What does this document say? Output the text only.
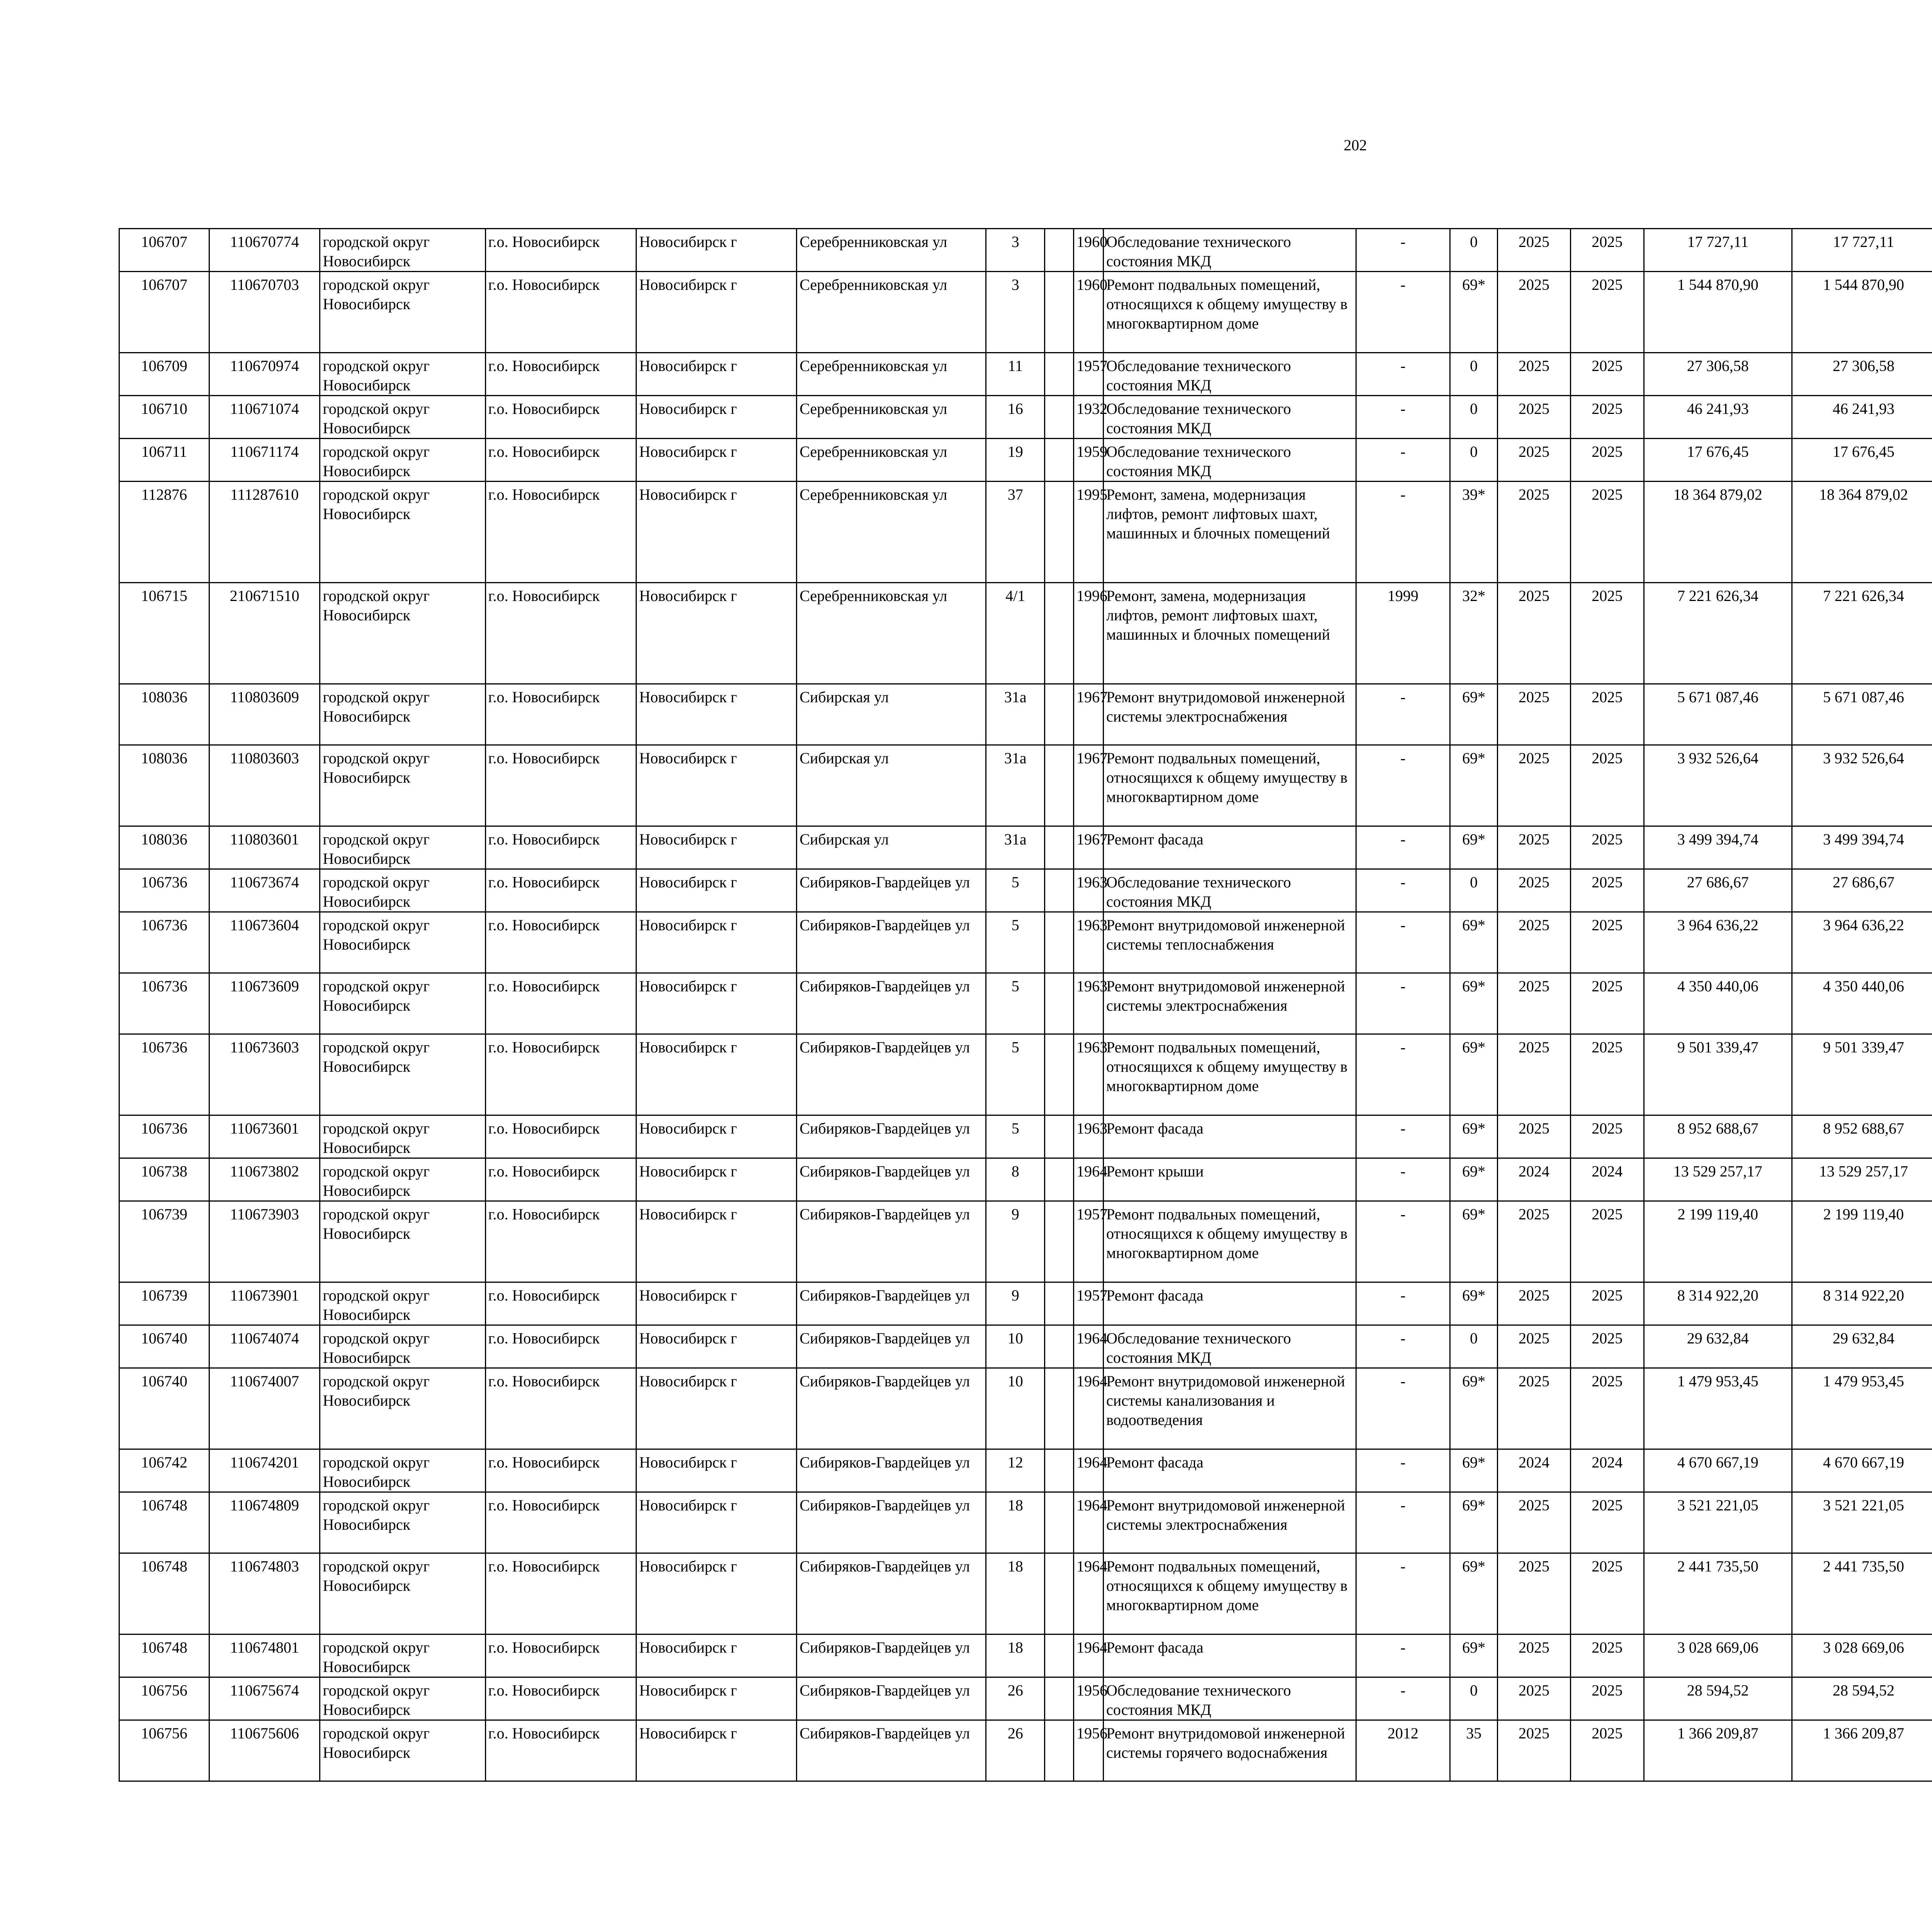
202
106707	110670774	городской округ Новосибирск	г.о. Новосибирск	Новосибирск г	Серебренниковская ул	3		1960	Обследование технического состояния МКД	-	0	2025	2025	17 727,11	17 727,11						
106707	110670703	городской округ Новосибирск	г.о. Новосибирск	Новосибирск г	Серебренниковская ул	3		1960	Ремонт подвальных помещений, относящихся к общему имуществу в многоквартирном доме	-	69*	2025	2025	1 544 870,90	1 544 870,90						
106709	110670974	городской округ Новосибирск	г.о. Новосибирск	Новосибирск г	Серебренниковская ул	11		1957	Обследование технического состояния МКД	-	0	2025	2025	27 306,58	27 306,58						
106710	110671074	городской округ Новосибирск	г.о. Новосибирск	Новосибирск г	Серебренниковская ул	16		1932	Обследование технического состояния МКД	-	0	2025	2025	46 241,93	46 241,93						
106711	110671174	городской округ Новосибирск	г.о. Новосибирск	Новосибирск г	Серебренниковская ул	19		1959	Обследование технического состояния МКД	-	0	2025	2025	17 676,45	17 676,45						
112876	111287610	городской округ Новосибирск	г.о. Новосибирск	Новосибирск г	Серебренниковская ул	37		1995	Ремонт, замена, модернизация лифтов, ремонт лифтовых шахт, машинных и блочных помещений	-	39*	2025	2025	18 364 879,02	18 364 879,02						
106715	210671510	городской округ Новосибирск	г.о. Новосибирск	Новосибирск г	Серебренниковская ул	4/1		1996	Ремонт, замена, модернизация лифтов, ремонт лифтовых шахт, машинных и блочных помещений	1999	32*	2025	2025	7 221 626,34	7 221 626,34						
108036	110803609	городской округ Новосибирск	г.о. Новосибирск	Новосибирск г	Сибирская ул	31а		1967	Ремонт внутридомовой инженерной системы электроснабжения	-	69*	2025	2025	5 671 087,46	5 671 087,46						
108036	110803603	городской округ Новосибирск	г.о. Новосибирск	Новосибирск г	Сибирская ул	31а		1967	Ремонт подвальных помещений, относящихся к общему имуществу в многоквартирном доме	-	69*	2025	2025	3 932 526,64	3 932 526,64						
108036	110803601	городской округ Новосибирск	г.о. Новосибирск	Новосибирск г	Сибирская ул	31а		1967	Ремонт фасада	-	69*	2025	2025	3 499 394,74	3 499 394,74						
106736	110673674	городской округ Новосибирск	г.о. Новосибирск	Новосибирск г	Сибиряков-Гвардейцев ул	5		1963	Обследование технического состояния МКД	-	0	2025	2025	27 686,67	27 686,67						
106736	110673604	городской округ Новосибирск	г.о. Новосибирск	Новосибирск г	Сибиряков-Гвардейцев ул	5		1963	Ремонт внутридомовой инженерной системы теплоснабжения	-	69*	2025	2025	3 964 636,22	3 964 636,22						
106736	110673609	городской округ Новосибирск	г.о. Новосибирск	Новосибирск г	Сибиряков-Гвардейцев ул	5		1963	Ремонт внутридомовой инженерной системы электроснабжения	-	69*	2025	2025	4 350 440,06	4 350 440,06						
106736	110673603	городской округ Новосибирск	г.о. Новосибирск	Новосибирск г	Сибиряков-Гвардейцев ул	5		1963	Ремонт подвальных помещений, относящихся к общему имуществу в многоквартирном доме	-	69*	2025	2025	9 501 339,47	9 501 339,47						
106736	110673601	городской округ Новосибирск	г.о. Новосибирск	Новосибирск г	Сибиряков-Гвардейцев ул	5		1963	Ремонт фасада	-	69*	2025	2025	8 952 688,67	8 952 688,67						
106738	110673802	городской округ Новосибирск	г.о. Новосибирск	Новосибирск г	Сибиряков-Гвардейцев ул	8		1964	Ремонт крыши	-	69*	2024	2024	13 529 257,17	13 529 257,17						
106739	110673903	городской округ Новосибирск	г.о. Новосибирск	Новосибирск г	Сибиряков-Гвардейцев ул	9		1957	Ремонт подвальных помещений, относящихся к общему имуществу в многоквартирном доме	-	69*	2025	2025	2 199 119,40	2 199 119,40						
106739	110673901	городской округ Новосибирск	г.о. Новосибирск	Новосибирск г	Сибиряков-Гвардейцев ул	9		1957	Ремонт фасада	-	69*	2025	2025	8 314 922,20	8 314 922,20						
106740	110674074	городской округ Новосибирск	г.о. Новосибирск	Новосибирск г	Сибиряков-Гвардейцев ул	10		1964	Обследование технического состояния МКД	-	0	2025	2025	29 632,84	29 632,84						
106740	110674007	городской округ Новосибирск	г.о. Новосибирск	Новосибирск г	Сибиряков-Гвардейцев ул	10		1964	Ремонт внутридомовой инженерной системы канализования и водоотведения	-	69*	2025	2025	1 479 953,45	1 479 953,45						
106742	110674201	городской округ Новосибирск	г.о. Новосибирск	Новосибирск г	Сибиряков-Гвардейцев ул	12		1964	Ремонт фасада	-	69*	2024	2024	4 670 667,19	4 670 667,19						
106748	110674809	городской округ Новосибирск	г.о. Новосибирск	Новосибирск г	Сибиряков-Гвардейцев ул	18		1964	Ремонт внутридомовой инженерной системы электроснабжения	-	69*	2025	2025	3 521 221,05	3 521 221,05						
106748	110674803	городской округ Новосибирск	г.о. Новосибирск	Новосибирск г	Сибиряков-Гвардейцев ул	18		1964	Ремонт подвальных помещений, относящихся к общему имуществу в многоквартирном доме	-	69*	2025	2025	2 441 735,50	2 441 735,50						
106748	110674801	городской округ Новосибирск	г.о. Новосибирск	Новосибирск г	Сибиряков-Гвардейцев ул	18		1964	Ремонт фасада	-	69*	2025	2025	3 028 669,06	3 028 669,06						
106756	110675674	городской округ Новосибирск	г.о. Новосибирск	Новосибирск г	Сибиряков-Гвардейцев ул	26		1956	Обследование технического состояния МКД	-	0	2025	2025	28 594,52	28 594,52						
106756	110675606	городской округ Новосибирск	г.о. Новосибирск	Новосибирск г	Сибиряков-Гвардейцев ул	26		1956	Ремонт внутридомовой инженерной системы горячего водоснабжения	2012	35	2025	2025	1 366 209,87	1 366 209,87						
